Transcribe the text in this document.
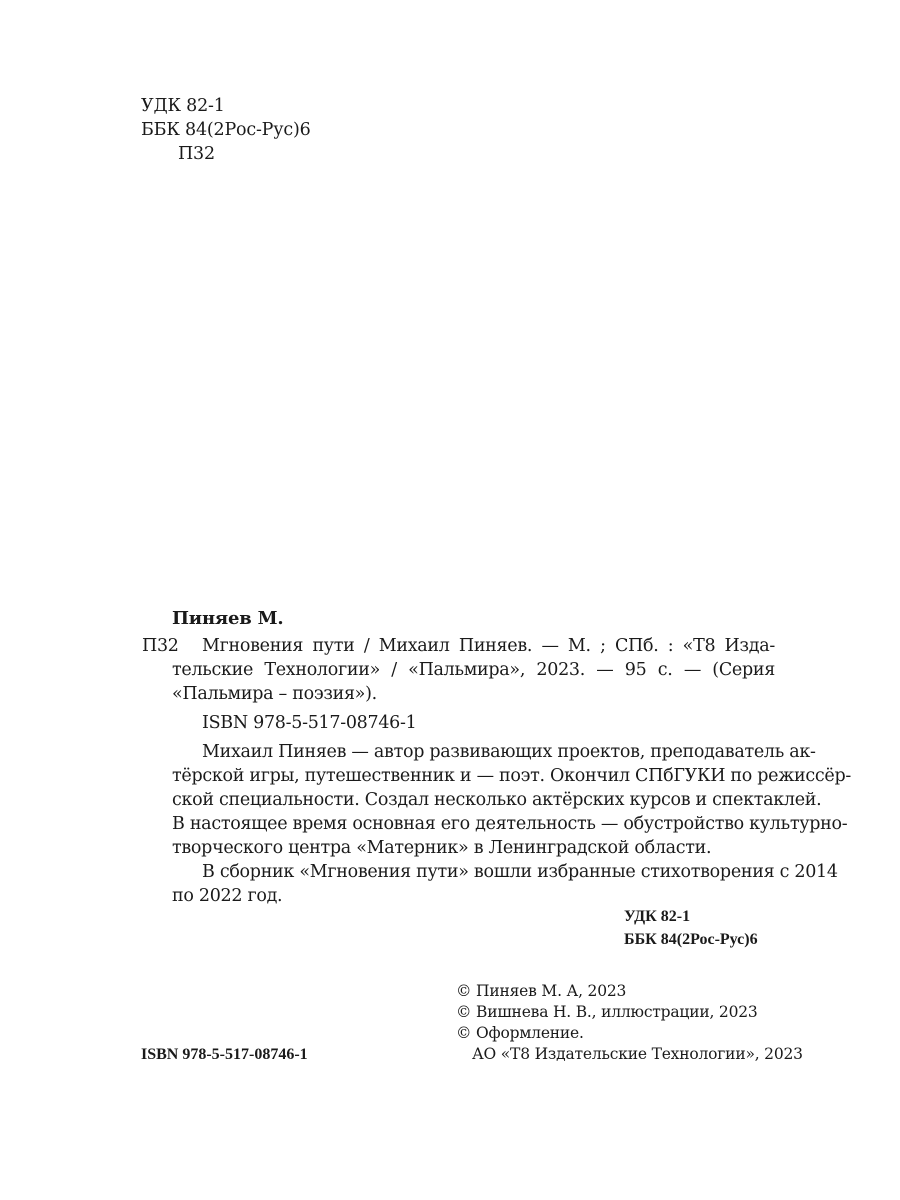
УДК 82-1
ББК 84(2Рос-Рус)6
П32
Пиняев М.
П32 Мгновения пути / Михаил Пиняев. — М. ; СПб. : «Т8 Изда-
тельские Технологии» / «Пальмира», 2023. — 95 с. — (Серия
«Пальмира – поэзия»).
ISBN 978-5-517-08746-1
Михаил Пиняев — автор развивающих проектов, преподаватель ак-
тёрской игры, путешественник и — поэт. Окончил СПбГУКИ по режиссёр-
ской специальности. Создал несколько актёрских курсов и спектаклей.
В настоящее время основная его деятельность — обустройство культурно-
творческого центра «Матерник» в Ленинградской области.
В сборник «Мгновения пути» вошли избранные стихотворения с 2014
по 2022 год.
УДК 82-1
ББК 84(2Рос-Рус)6
© Пиняев М. А, 2023
© Вишнева Н. В., иллюстрации, 2023
© Оформление.
АО «Т8 Издательские Технологии», 2023
ISBN 978-5-517-08746-1
